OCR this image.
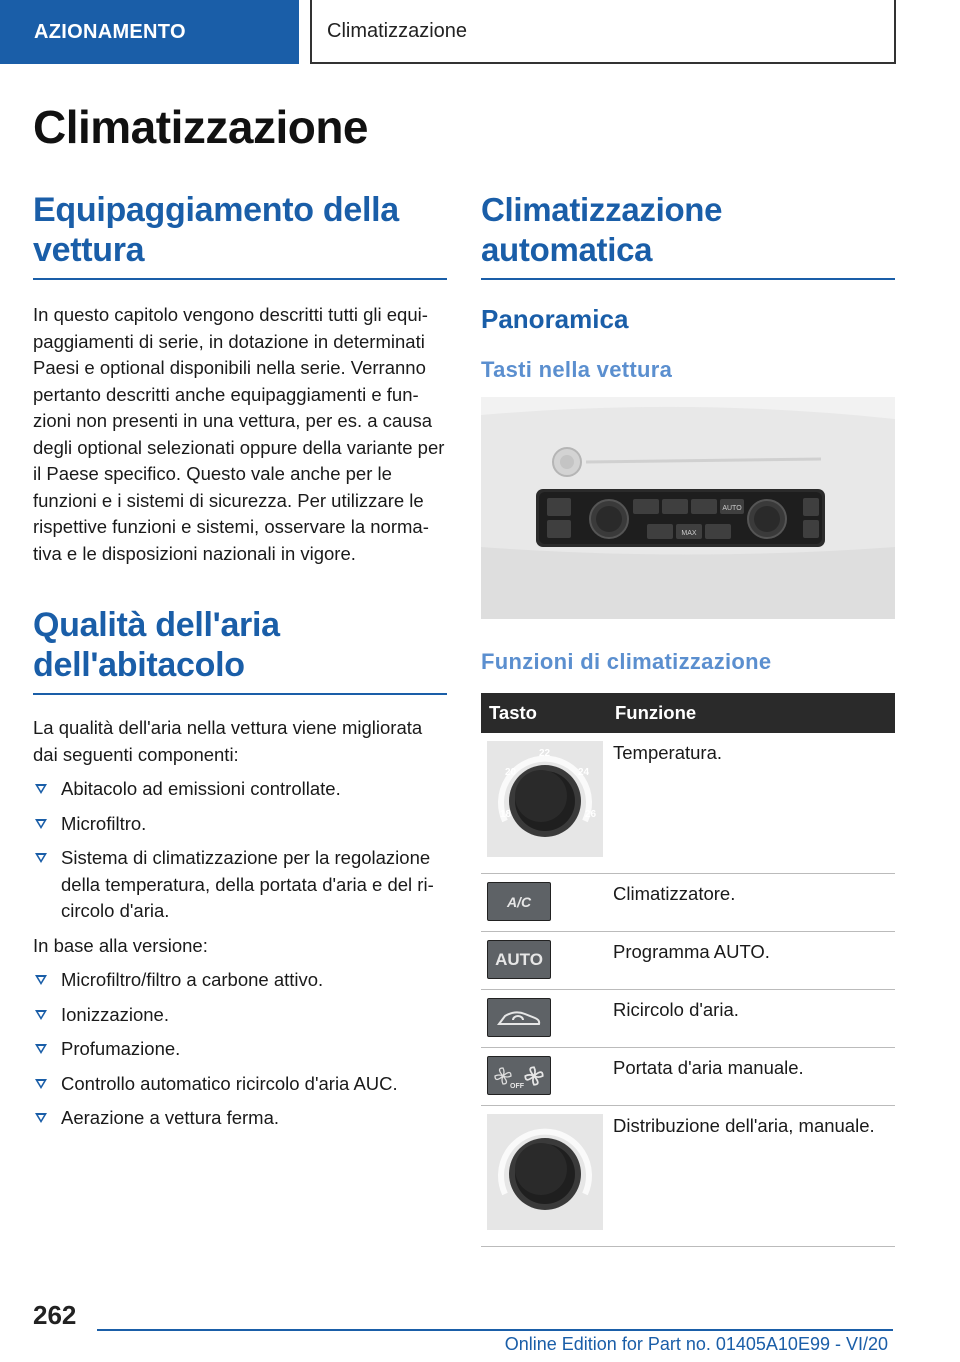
AZIONAMENTO	Climatizzazione
Climatizzazione
Equipaggiamento della vettura

In questo capitolo vengono descritti tutti gli equipaggiamenti di serie, in dotazione in determinati Paesi e optional disponibili nella serie. Verranno pertanto descritti anche equipaggiamenti e funzioni non presenti in una vettura, per es. a causa degli optional selezionati oppure della variante per il Paese specifico. Questo vale anche per le funzioni e i sistemi di sicurezza. Per utilizzare le rispettive funzioni e sistemi, osservare la normativa e le disposizioni nazionali in vigore.

Qualità dell'aria dell'abitacolo

La qualità dell'aria nella vettura viene migliorata dai seguenti componenti:

Abitacolo ad emissioni controllate.
Microfiltro.
Sistema di climatizzazione per la regolazione della temperatura, della portata d'aria e del ricircolo d'aria.

In base alla versione:

Microfiltro/filtro a carbone attivo.
Ionizzazione.
Profumazione.
Controllo automatico ricircolo d'aria AUC.
Aerazione a vettura ferma.
Climatizzazione automatica
Panoramica
Tasti nella vettura
AUTO
MAX
Funzioni di climatizzazione
Tasto	Funzione

18
20
22
24
26	Temperatura.

A/C	Climatizzatore.

AUTO	Programma AUTO.

	Ricircolo d'aria.

OFF	Portata d'aria manuale.
	Distribuzione dell'aria, manuale.
262
Online Edition for Part no. 01405A10E99 - VI/20
